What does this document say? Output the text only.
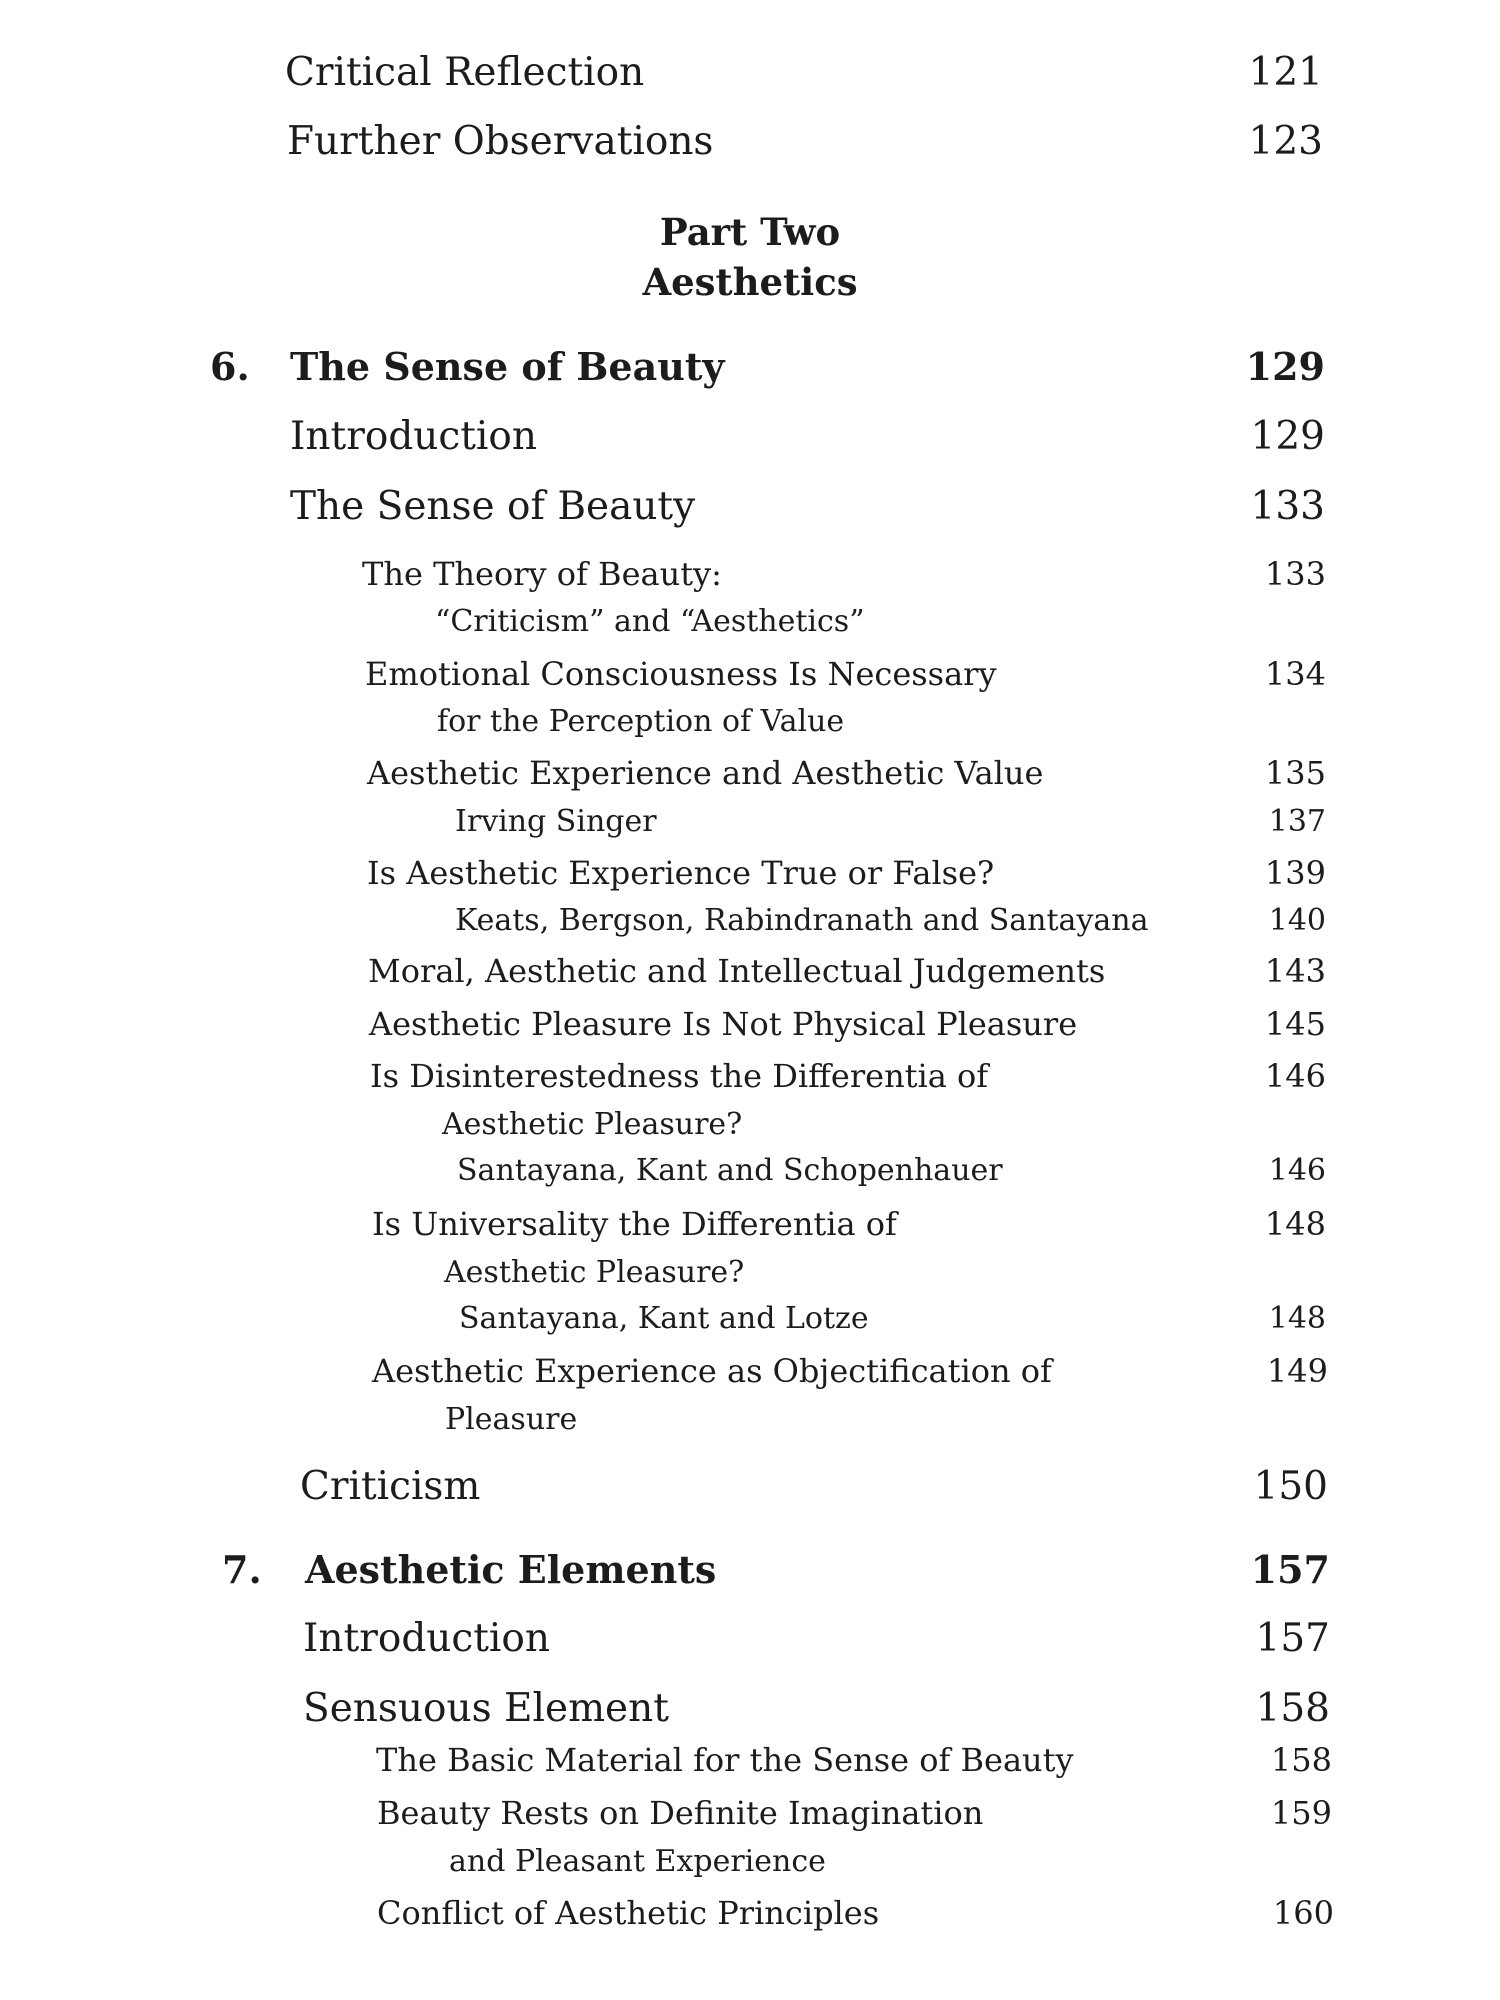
Critical Reflection	121
Further Observations	123
Part Two
Aesthetics
6. The Sense of Beauty	129
Introduction	129
The Sense of Beauty	133
The Theory of Beauty:	133
“Criticism” and “Aesthetics”
Emotional Consciousness Is Necessary	134
for the Perception of Value
Aesthetic Experience and Aesthetic Value	135
Irving Singer	137
Is Aesthetic Experience True or False?	139
Keats, Bergson, Rabindranath and Santayana	140
Moral, Aesthetic and Intellectual Judgements	143
Aesthetic Pleasure Is Not Physical Pleasure	145
Is Disinterestedness the Differentia of	146
Aesthetic Pleasure?
Santayana, Kant and Schopenhauer	146
Is Universality the Differentia of	148
Aesthetic Pleasure?
Santayana, Kant and Lotze	148
Aesthetic Experience as Objectification of	149
Pleasure
Criticism	150
7. Aesthetic Elements	157
Introduction	157
Sensuous Element	158
The Basic Material for the Sense of Beauty	158
Beauty Rests on Definite Imagination	159
and Pleasant Experience
Conflict of Aesthetic Principles	160
